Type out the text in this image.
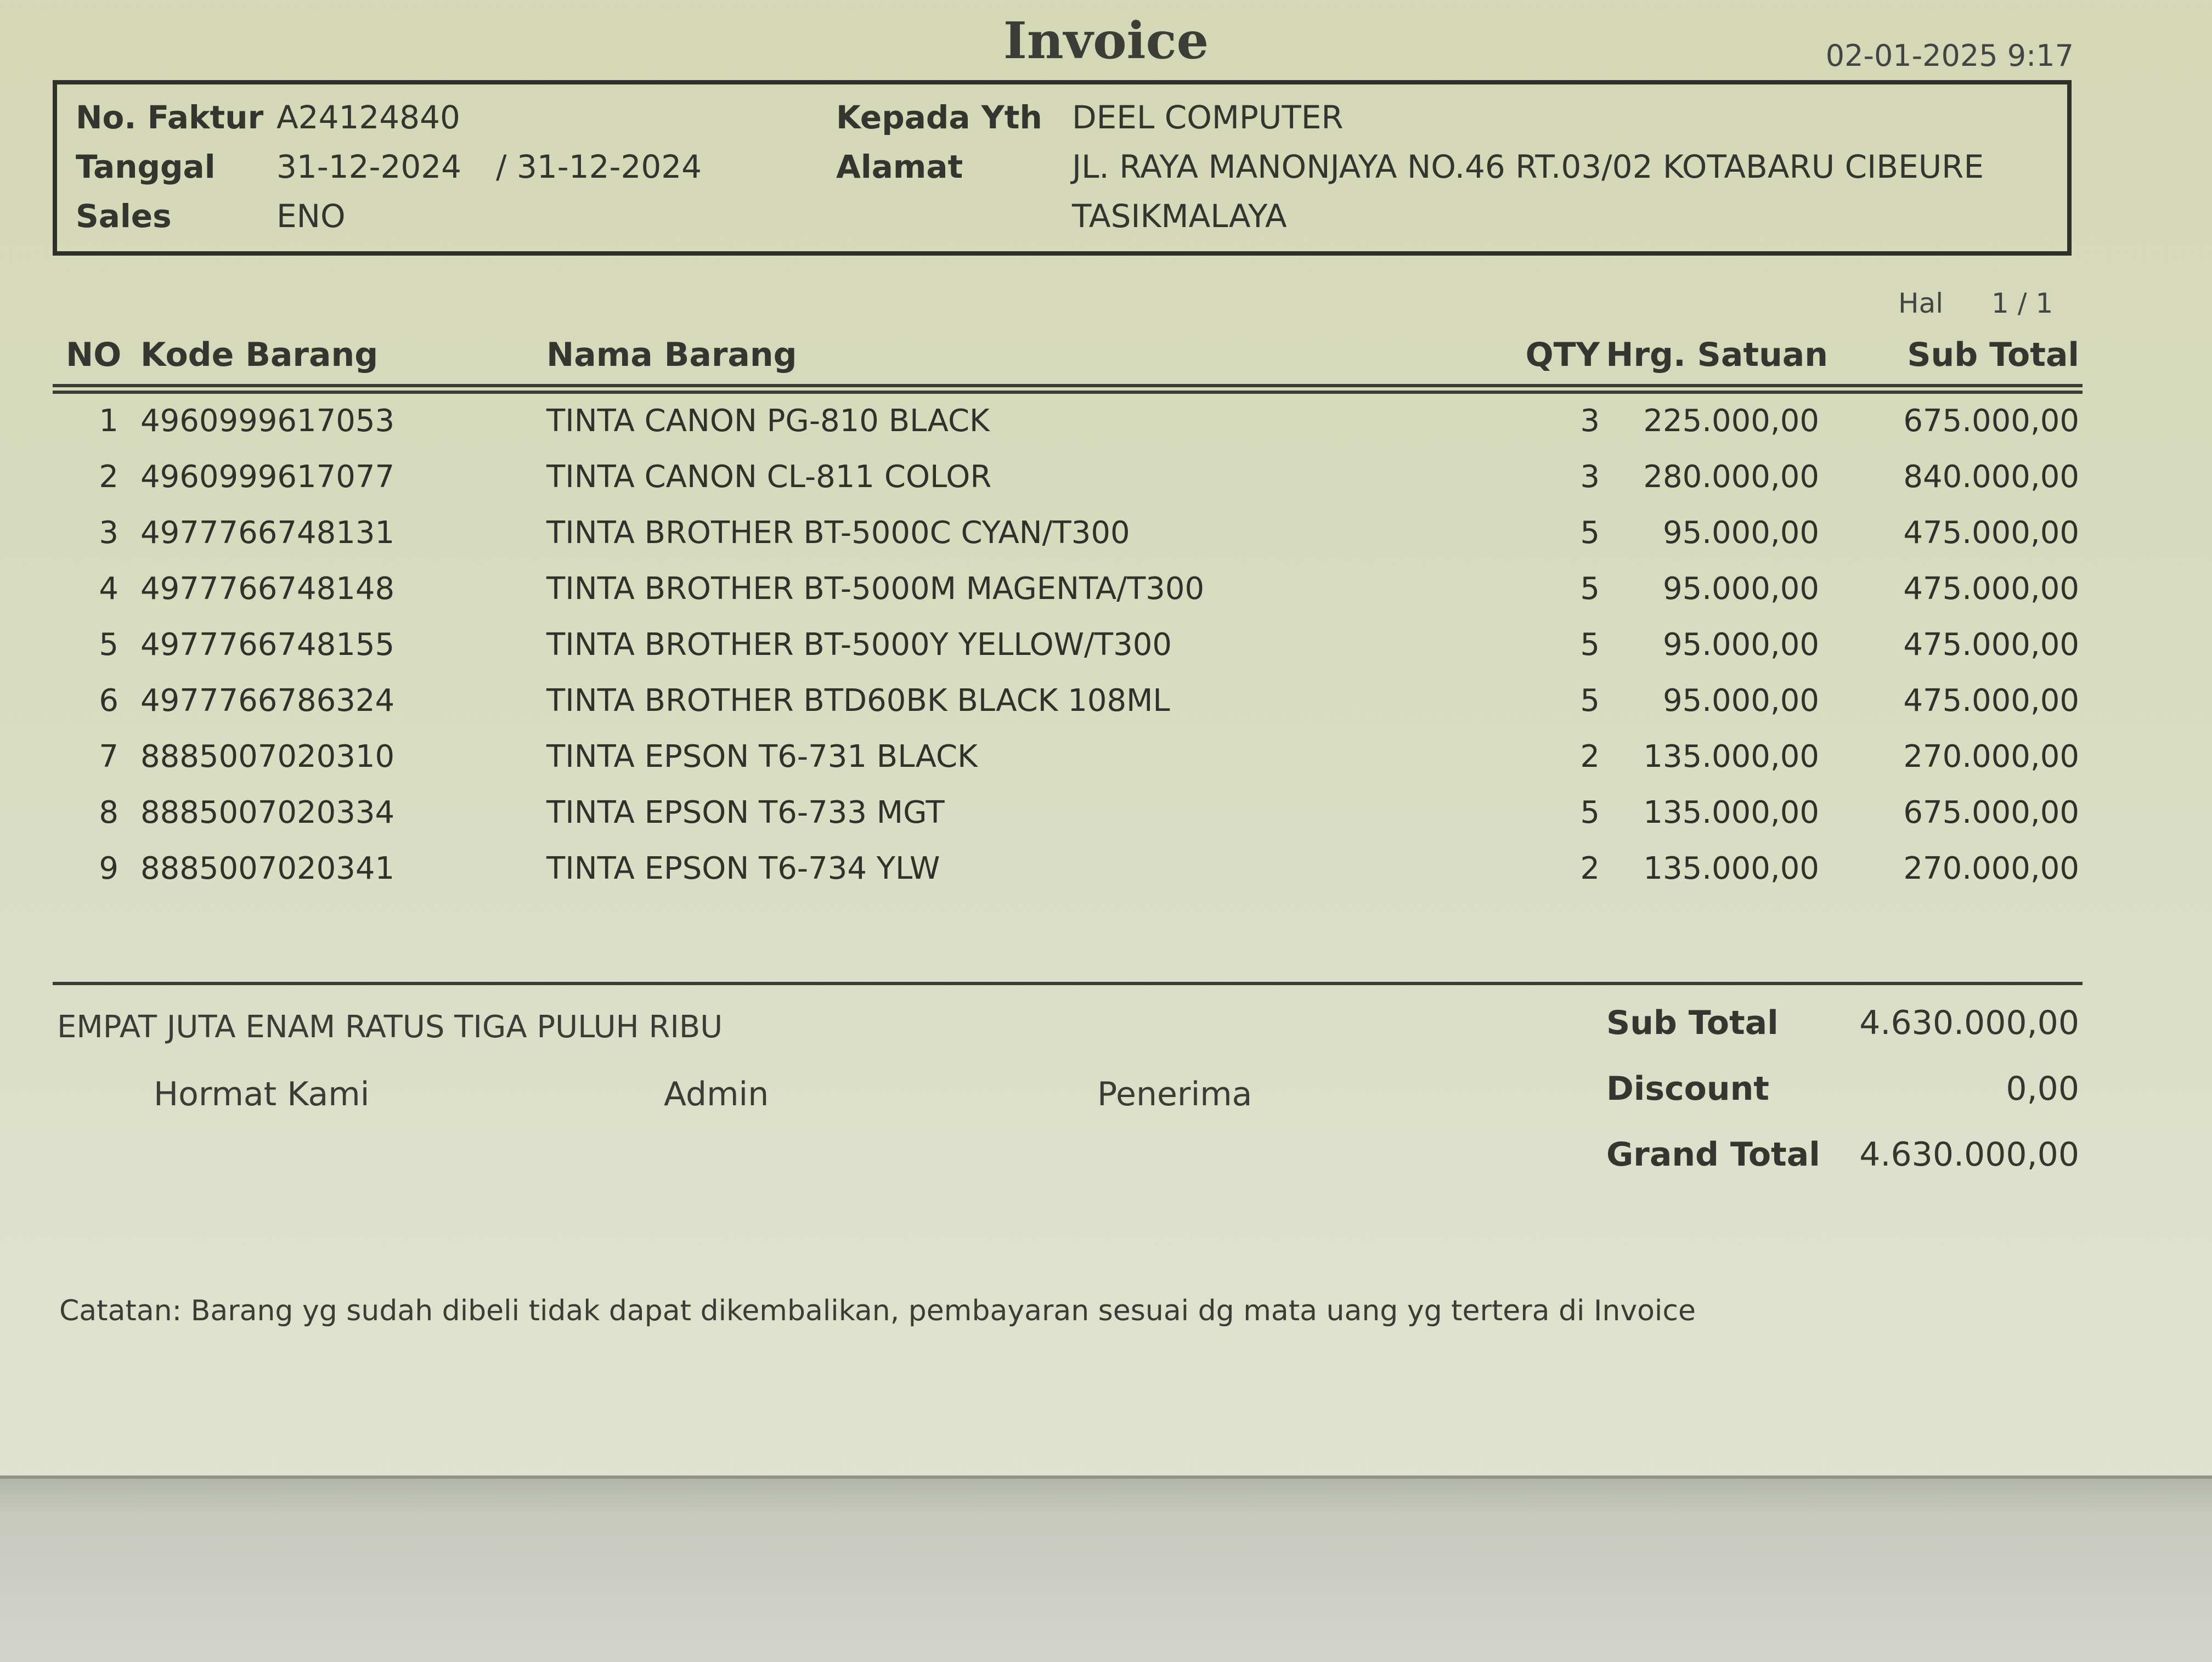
Invoice	02-01-2025 9:17
No. Faktur A24124840
Tanggal 31-12-2024 / 31-12-2024
Sales	ENO
Kepada Yth DEEL COMPUTER
Alamat	JL. RAYA MANONJAYA NO.46 RT.03/02 KOTABARU CIBEURE
TASIKMALAYA
Hal 1 / 1
NO Kode Barang	Nama Barang	QTY Hrg. Satuan Sub Total
1 4960999617053	TINTA CANON PG-810 BLACK	3 225.000,00	675.000,00
2 4960999617077	TINTA CANON CL-811 COLOR	3 280.000,00	840.000,00
3 4977766748131	TINTA BROTHER BT-5000C CYAN/T300	5 95.000,00	475.000,00
4 4977766748148	TINTA BROTHER BT-5000M MAGENTA/T300	5 95.000,00	475.000,00
5 4977766748155	TINTA BROTHER BT-5000Y YELLOW/T300	5 95.000,00	475.000,00
6 4977766786324	TINTA BROTHER BTD60BK BLACK 108ML	5 95.000,00	475.000,00
7 8885007020310	TINTA EPSON T6-731 BLACK	2 135.000,00	270.000,00
8 8885007020334	TINTA EPSON T6-733 MGT	5 135.000,00	675.000,00
9 8885007020341	TINTA EPSON T6-734 YLW	2 135.000,00	270.000,00
EMPAT JUTA ENAM RATUS TIGA PULUH RIBU
Hormat Kami	Admin	Penerima
Sub Total 4.630.000,00
Discount	0,00
Grand Total 4.630.000,00
Catatan: Barang yg sudah dibeli tidak dapat dikembalikan, pembayaran sesuai dg mata uang yg tertera di Invoice
